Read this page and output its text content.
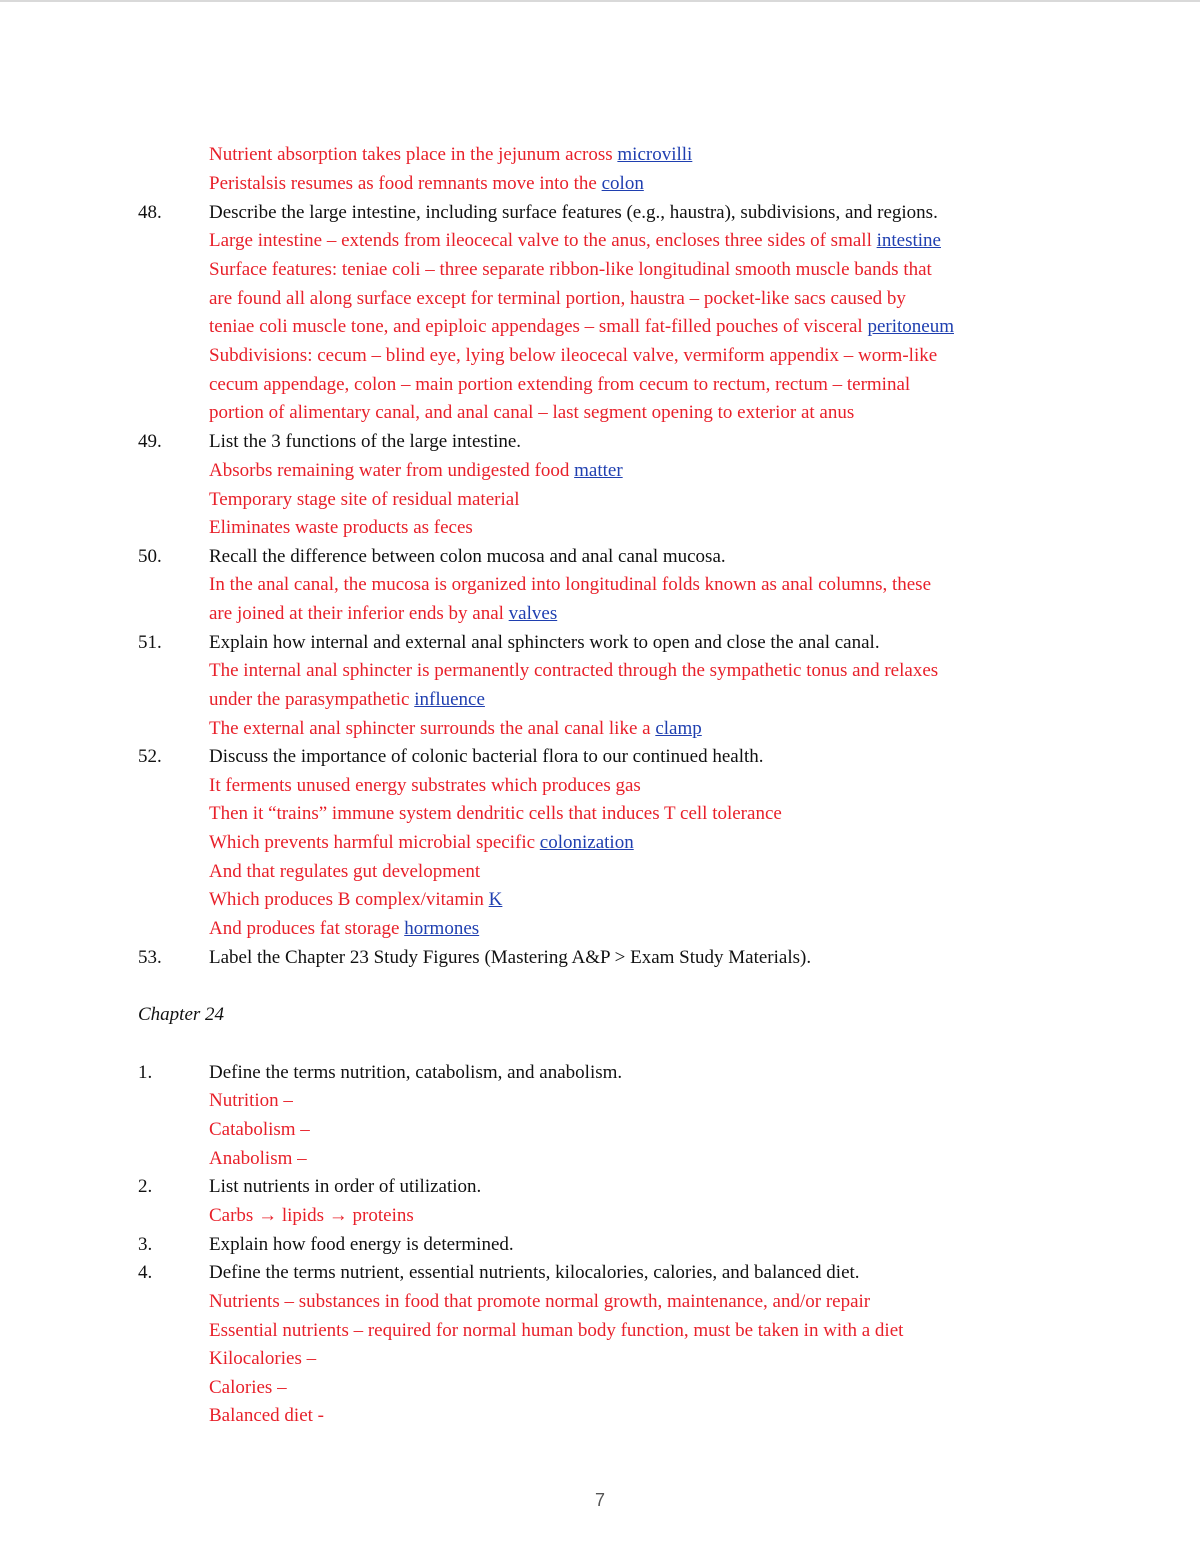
Nutrient absorption takes place in the jejunum across microvilli
Peristalsis resumes as food remnants move into the colon
48.	Describe the large intestine, including surface features (e.g., haustra), subdivisions, and regions.
Large intestine – extends from ileocecal valve to the anus, encloses three sides of small intestine
Surface features: teniae coli – three separate ribbon-like longitudinal smooth muscle bands that
are found all along surface except for terminal portion, haustra – pocket-like sacs caused by
teniae coli muscle tone, and epiploic appendages – small fat-filled pouches of visceral peritoneum
Subdivisions: cecum – blind eye, lying below ileocecal valve, vermiform appendix – worm-like
cecum appendage, colon – main portion extending from cecum to rectum, rectum – terminal
portion of alimentary canal, and anal canal – last segment opening to exterior at anus
49.	List the 3 functions of the large intestine.
Absorbs remaining water from undigested food matter
Temporary stage site of residual material
Eliminates waste products as feces
50.	Recall the difference between colon mucosa and anal canal mucosa.
In the anal canal, the mucosa is organized into longitudinal folds known as anal columns, these
are joined at their inferior ends by anal valves
51.	Explain how internal and external anal sphincters work to open and close the anal canal.
The internal anal sphincter is permanently contracted through the sympathetic tonus and relaxes
under the parasympathetic influence
The external anal sphincter surrounds the anal canal like a clamp
52.	Discuss the importance of colonic bacterial flora to our continued health.
It ferments unused energy substrates which produces gas
Then it “trains” immune system dendritic cells that induces T cell tolerance
Which prevents harmful microbial specific colonization
And that regulates gut development
Which produces B complex/vitamin K
And produces fat storage hormones
53.	Label the Chapter 23 Study Figures (Mastering A&P > Exam Study Materials).
Chapter 24
1.	Define the terms nutrition, catabolism, and anabolism.
Nutrition –
Catabolism –
Anabolism –
2.	List nutrients in order of utilization.
Carbs → lipids → proteins
3.	Explain how food energy is determined.
4.	Define the terms nutrient, essential nutrients, kilocalories, calories, and balanced diet.
Nutrients – substances in food that promote normal growth, maintenance, and/or repair
Essential nutrients – required for normal human body function, must be taken in with a diet
Kilocalories –
Calories –
Balanced diet -
7
